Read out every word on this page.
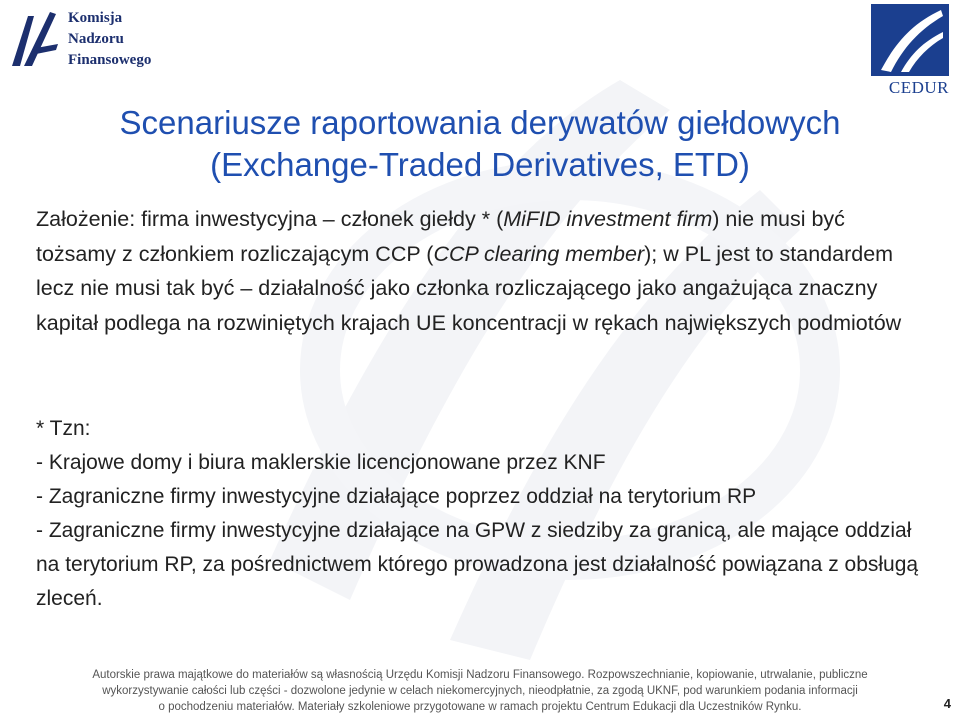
Komisja
Nadzoru
Finansowego
CEDUR
Scenariusze raportowania derywatów giełdowych
(Exchange-Traded Derivatives, ETD)

Założenie: firma inwestycyjna – członek giełdy * (MiFID investment firm) nie musi być tożsamy z członkiem rozliczającym CCP (CCP clearing member); w PL jest to standardem lecz nie musi tak być – działalność jako członka rozliczającego jako angażująca znaczny kapitał podlega na rozwiniętych krajach UE koncentracji w rękach największych podmiotów

* Tzn:
- Krajowe domy i biura maklerskie licencjonowane przez KNF
- Zagraniczne firmy inwestycyjne działające poprzez oddział na terytorium RP
- Zagraniczne firmy inwestycyjne działające na GPW z siedziby za granicą, ale mające oddział na terytorium RP, za pośrednictwem którego prowadzona jest działalność powiązana z obsługą zleceń.
Autorskie prawa majątkowe do materiałów są własnością Urzędu Komisji Nadzoru Finansowego. Rozpowszechnianie, kopiowanie, utrwalanie, publiczne
wykorzystywanie całości lub części - dozwolone jedynie w celach niekomercyjnych, nieodpłatnie, za zgodą UKNF, pod warunkiem podania informacji
o pochodzeniu materiałów. Materiały szkoleniowe przygotowane w ramach projektu Centrum Edukacji dla Uczestników Rynku.	4
